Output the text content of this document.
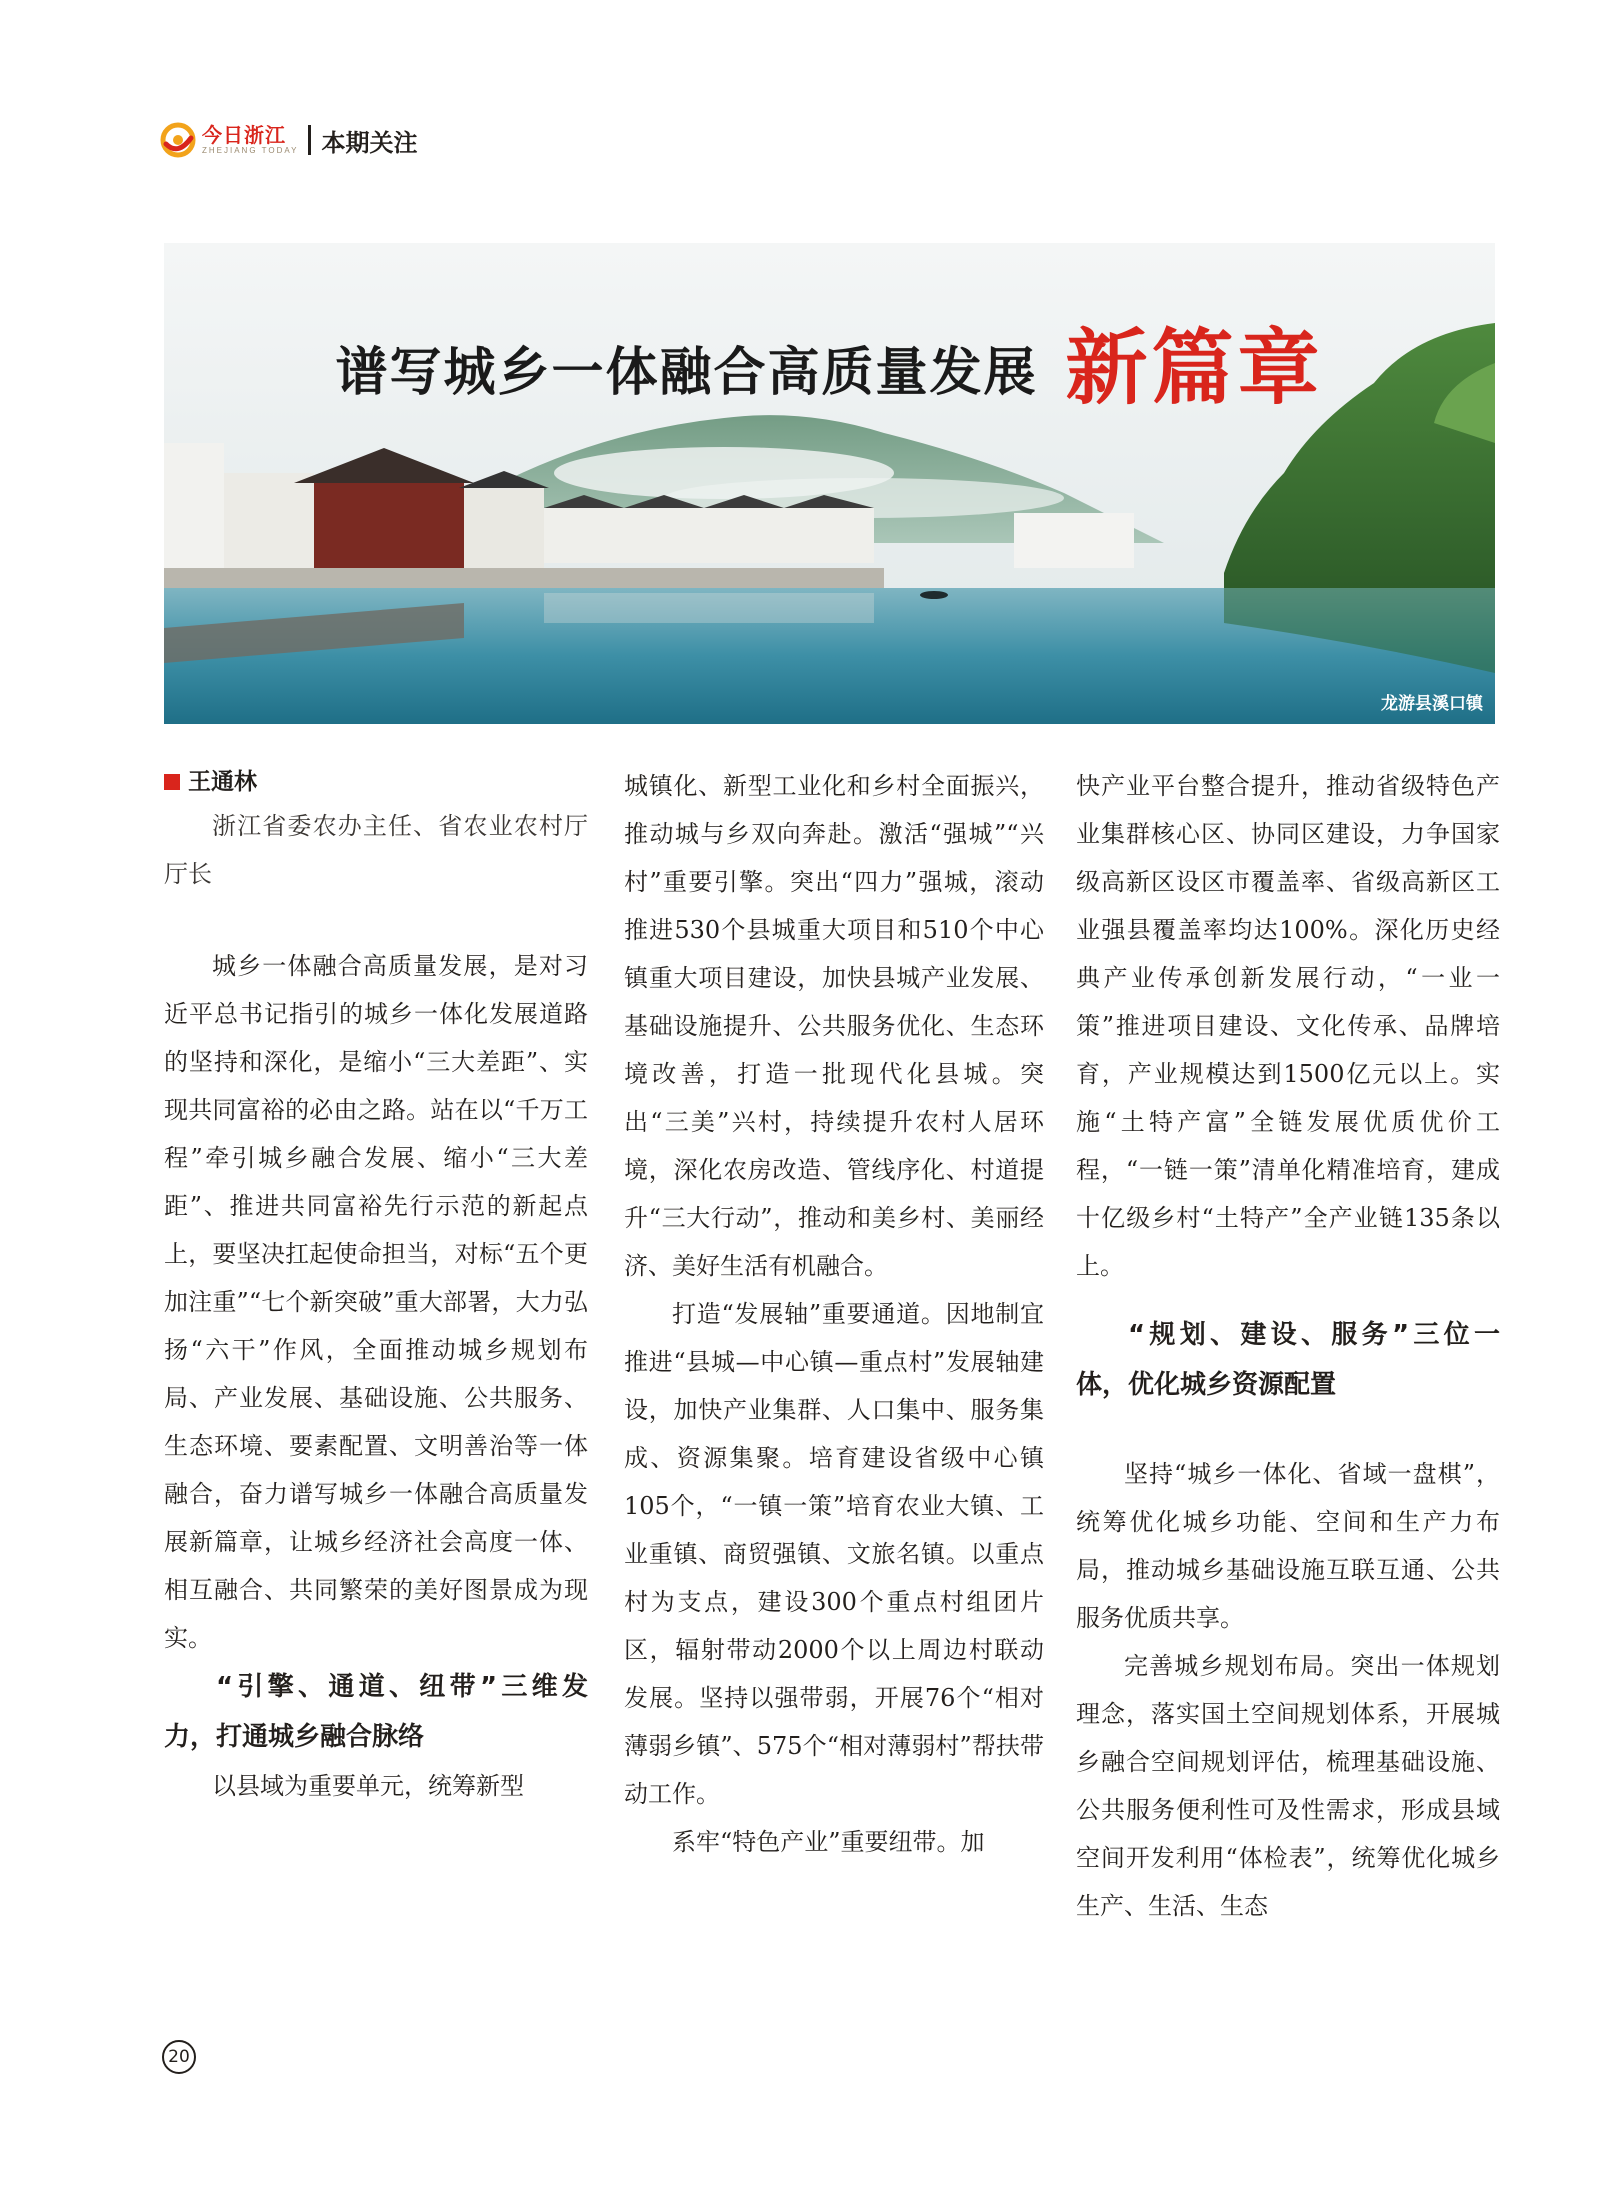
今日浙江
ZHEJIANG TODAY 本期关注
谱写城乡一体融合高质量发展 新篇章
龙游县溪口镇
王通林

浙江省委农办主任、省农业农村厅厅长

城乡一体融合高质量发展，是对习近平总书记指引的城乡一体化发展道路的坚持和深化，是缩小“三大差距”、实现共同富裕的必由之路。站在以“千万工程”牵引城乡融合发展、缩小“三大差距”、推进共同富裕先行示范的新起点上，要坚决扛起使命担当，对标“五个更加注重”“七个新突破”重大部署，大力弘扬“六干”作风，全面推动城乡规划布局、产业发展、基础设施、公共服务、生态环境、要素配置、文明善治等一体融合，奋力谱写城乡一体融合高质量发展新篇章，让城乡经济社会高度一体、相互融合、共同繁荣的美好图景成为现实。

“引擎、通道、纽带”三维发力，打通城乡融合脉络

以县域为重要单元，统筹新型

城镇化、新型工业化和乡村全面振兴，推动城与乡双向奔赴。激活“强城”“兴村”重要引擎。突出“四力”强城，滚动推进530个县城重大项目和510个中心镇重大项目建设，加快县城产业发展、基础设施提升、公共服务优化、生态环境改善，打造一批现代化县城。突出“三美”兴村，持续提升农村人居环境，深化农房改造、管线序化、村道提升“三大行动”，推动和美乡村、美丽经济、美好生活有机融合。

打造“发展轴”重要通道。因地制宜推进“县城—中心镇—重点村”发展轴建设，加快产业集群、人口集中、服务集成、资源集聚。培育建设省级中心镇105个，“一镇一策”培育农业大镇、工业重镇、商贸强镇、文旅名镇。以重点村为支点，建设300个重点村组团片区，辐射带动2000个以上周边村联动发展。坚持以强带弱，开展76个“相对薄弱乡镇”、575个“相对薄弱村”帮扶带动工作。

系牢“特色产业”重要纽带。加

快产业平台整合提升，推动省级特色产业集群核心区、协同区建设，力争国家级高新区设区市覆盖率、省级高新区工业强县覆盖率均达100%。深化历史经典产业传承创新发展行动，“一业一策”推进项目建设、文化传承、品牌培育，产业规模达到1500亿元以上。实施“土特产富”全链发展优质优价工程，“一链一策”清单化精准培育，建成十亿级乡村“土特产”全产业链135条以上。

“规划、建设、服务”三位一体，优化城乡资源配置

坚持“城乡一体化、省域一盘棋”，统筹优化城乡功能、空间和生产力布局，推动城乡基础设施互联互通、公共服务优质共享。

完善城乡规划布局。突出一体规划理念，落实国土空间规划体系，开展城乡融合空间规划评估，梳理基础设施、公共服务便利性可及性需求，形成县域空间开发利用“体检表”，统筹优化城乡生产、生活、生态

20
